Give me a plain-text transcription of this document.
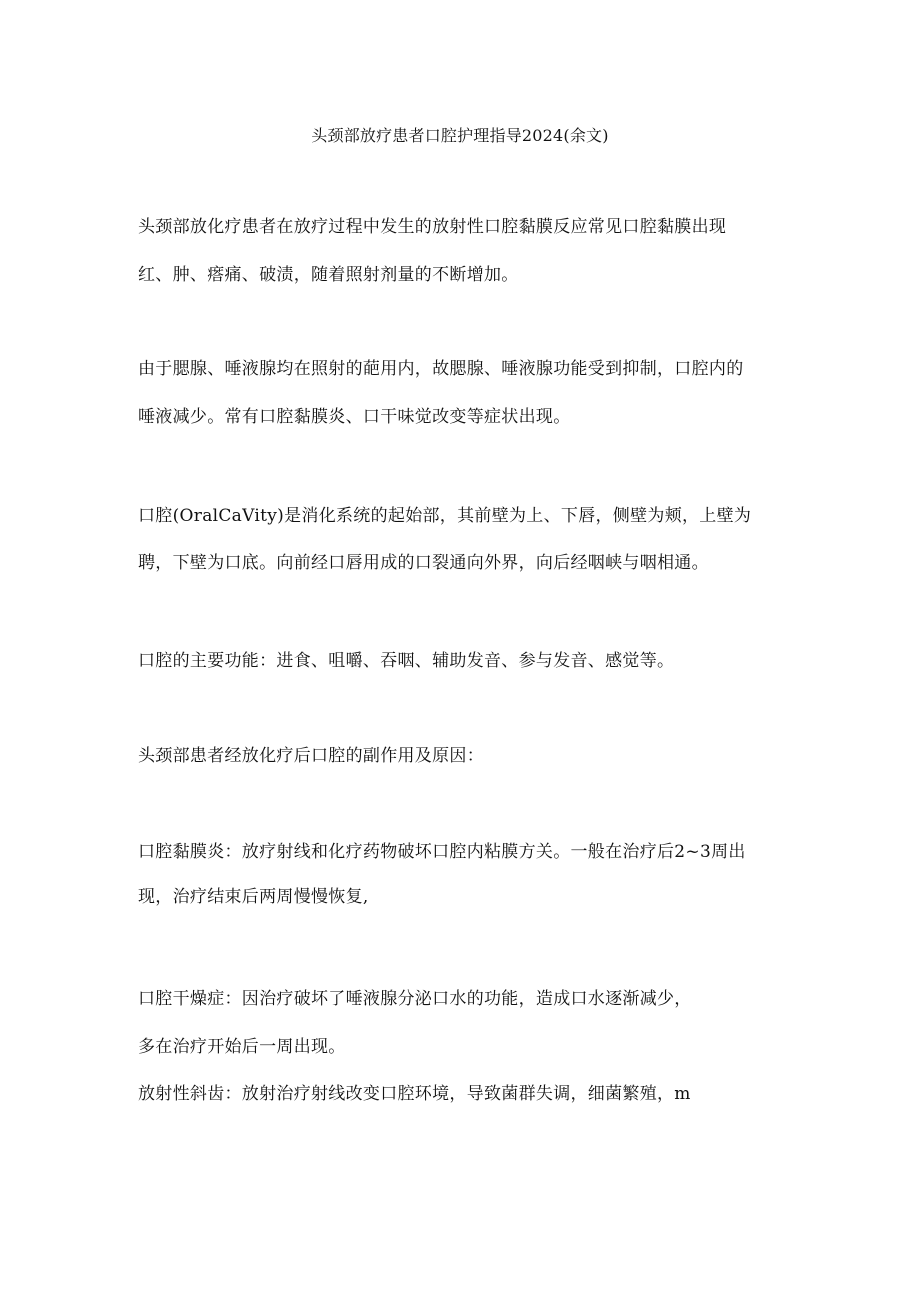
头颈部放疗患者口腔护理指导2024(余文)
头颈部放化疗患者在放疗过程中发生的放射性口腔黏膜反应常见口腔黏膜出现
红、肿、瘩痛、破渍，随着照射剂量的不断增加。
由于腮腺、唾液腺均在照射的葩用内，故腮腺、唾液腺功能受到抑制，口腔内的
唾液减少。常有口腔黏膜炎、口干味觉改变等症状出现。
口腔(OralCaVity)是消化系统的起始部，其前壁为上、下唇，侧壁为颊，上壁为
聘，下壁为口底。向前经口唇用成的口裂通向外界，向后经咽峡与咽相通。
口腔的主要功能：进食、咀嚼、吞咽、辅助发音、参与发音、感觉等。
头颈部患者经放化疗后口腔的副作用及原因：
口腔黏膜炎：放疗射线和化疗药物破坏口腔内粘膜方关。一般在治疗后2~3周出
现，治疗结束后两周慢慢恢复,
口腔干燥症：因治疗破坏了唾液腺分泌口水的功能，造成口水逐渐减少，
多在治疗开始后一周出现。
放射性斜齿：放射治疗射线改变口腔环境，导致菌群失调，细菌繁殖，m
